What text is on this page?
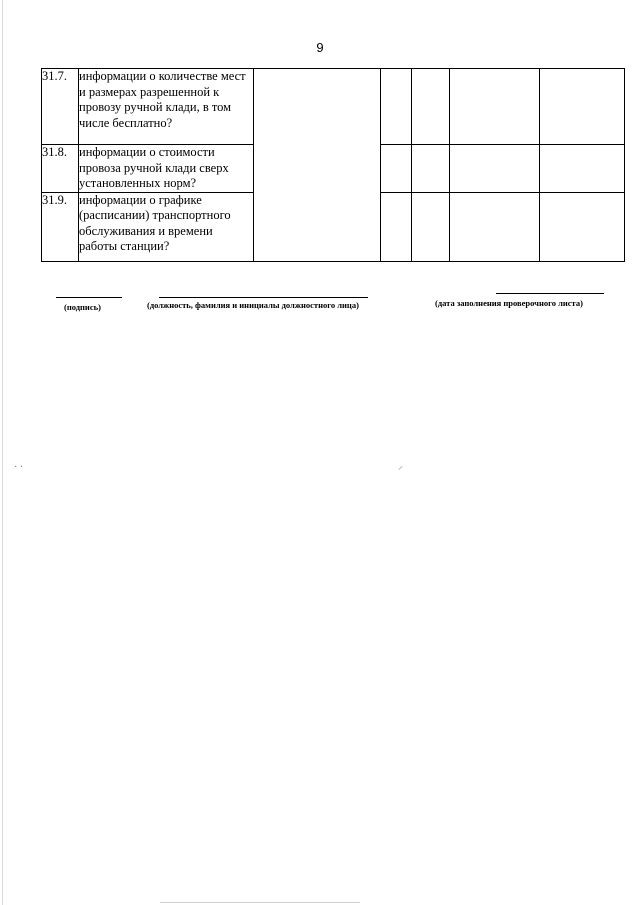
9
31.7.	информации о количестве мест и размерах разрешенной к провозу ручной клади, в том числе бесплатно?					
31.8.	информации о стоимости провоза ручной клади сверх установленных норм?					
31.9.	информации о графике (расписании) транспортного обслуживания и времени работы станции?					
(подпись)	(должность, фамилия и инициалы должностного лица)	(дата заполнения проверочного листа)
⸝
· ·
